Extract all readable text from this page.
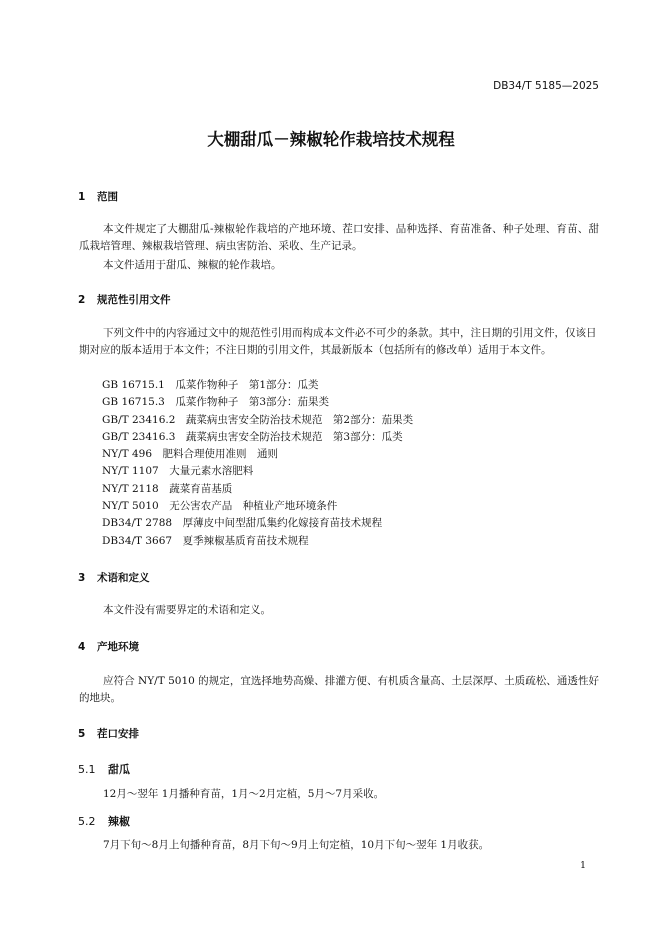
DB34/T 5185—2025
大棚甜瓜－辣椒轮作栽培技术规程
1 范围
本文件规定了大棚甜瓜-辣椒轮作栽培的产地环境、茬口安排、品种选择、育苗准备、种子处理、育苗、甜瓜栽培管理、辣椒栽培管理、病虫害防治、采收、生产记录。
本文件适用于甜瓜、辣椒的轮作栽培。
2 规范性引用文件
下列文件中的内容通过文中的规范性引用而构成本文件必不可少的条款。其中，注日期的引用文件，仅该日期对应的版本适用于本文件；不注日期的引用文件，其最新版本（包括所有的修改单）适用于本文件。
GB 16715.1　 瓜菜作物种子　第1部分：瓜类
GB 16715.3　 瓜菜作物种子　第3部分：茄果类
GB/T 23416.2　 蔬菜病虫害安全防治技术规范　第2部分：茄果类
GB/T 23416.3　 蔬菜病虫害安全防治技术规范　第3部分：瓜类
NY/T 496　 肥料合理使用准则　通则
NY/T 1107　 大量元素水溶肥料
NY/T 2118　 蔬菜育苗基质
NY/T 5010　 无公害农产品　种植业产地环境条件
DB34/T 2788　 厚薄皮中间型甜瓜集约化嫁接育苗技术规程
DB34/T 3667　 夏季辣椒基质育苗技术规程
3 术语和定义
本文件没有需要界定的术语和定义。
4 产地环境
应符合 NY/T 5010 的规定，宜选择地势高燥、排灌方便、有机质含量高、土层深厚、土质疏松、通透性好的地块。
5 茬口安排
5.1 甜瓜
12月～翌年 1月播种育苗，1月～2月定植，5月～7月采收。
5.2 辣椒
7月下旬～8月上旬播种育苗，8月下旬～9月上旬定植，10月下旬～翌年 1月收获。
1
